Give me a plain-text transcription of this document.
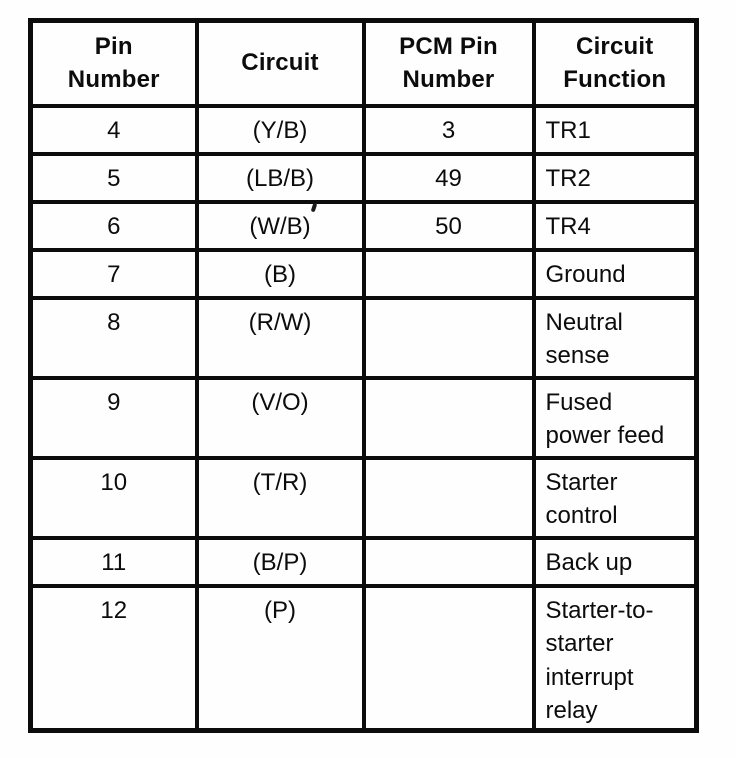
Pin Number	Circuit	PCM Pin Number	Circuit Function
4	(Y/B)	3	TR1
5	(LB/B)	49	TR2
6	(W/B)	50	TR4
7	(B)		Ground
8	(R/W)		Neutral sense
9	(V/O)		Fused power feed
10	(T/R)		Starter control
11	(B/P)		Back up
12	(P)		Starter-to-starter interrupt relay
